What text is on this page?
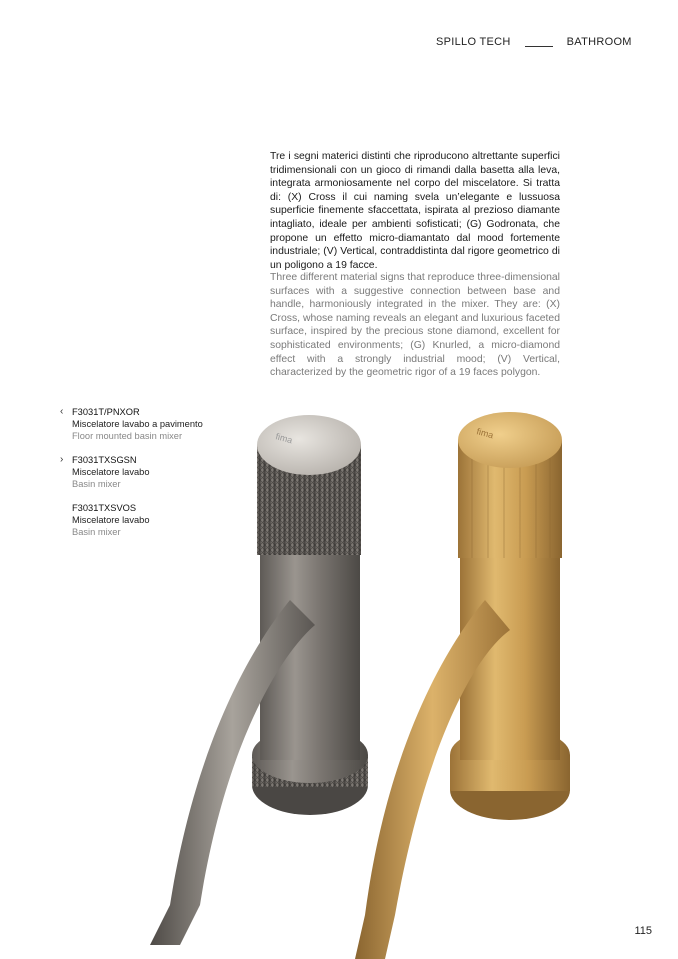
SPILLO TECH	BATHROOM

Tre i segni materici distinti che riproducono altrettante superfici tridimensionali con un gioco di rimandi dalla basetta alla leva, integrata armoniosamente nel corpo del miscelatore. Si tratta di: (X) Cross il cui naming svela un’elegante e lussuosa superficie finemente sfaccettata, ispirata al prezioso diamante intagliato, ideale per ambienti sofisticati; (G) Godronata, che propone un effetto micro-diamantato dal mood fortemente industriale; (V) Vertical, contraddistinta dal rigore geometrico di un poligono a 19 facce.

Three different material signs that reproduce three-dimensional surfaces with a suggestive connection between base and handle, harmoniously integrated in the mixer. They are: (X) Cross, whose naming reveals an elegant and luxurious faceted surface, inspired by the precious stone diamond, excellent for sophisticated environments; (G) Knurled, a micro-diamond effect with a strongly industrial mood; (V) Vertical, characterized by the geometric rigor of a 19 faces polygon.

‹ F3031T/PNXOR
Miscelatore lavabo a pavimento
Floor mounted basin mixer
› F3031TXSGSN
Miscelatore lavabo
Basin mixer
F3031TXSVOS
Miscelatore lavabo
Basin mixer
fima	fima
115
